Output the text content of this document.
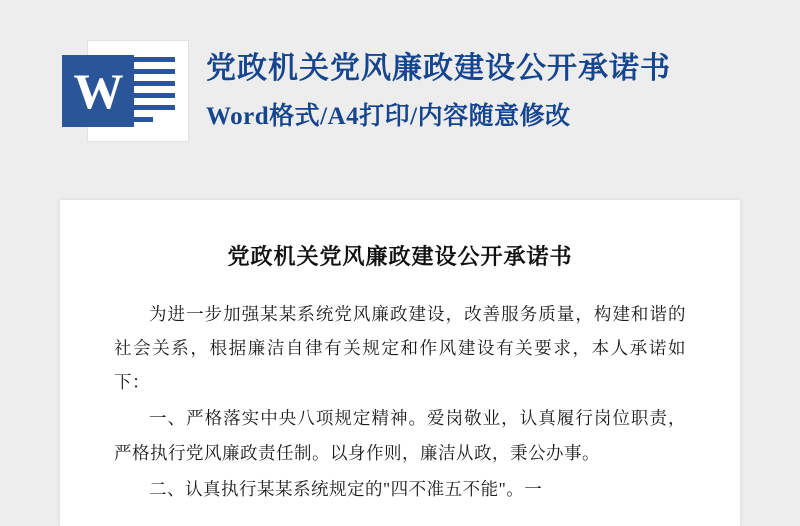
W	党政机关党风廉政建设公开承诺书
Word格式/A4打印/内容随意修改
党政机关党风廉政建设公开承诺书

为进一步加强某某系统党风廉政建设，改善服务质量，构建和谐的社会关系，根据廉洁自律有关规定和作风建设有关要求，本人承诺如下：

一、严格落实中央八项规定精神。爱岗敬业，认真履行岗位职责，严格执行党风廉政责任制。以身作则，廉洁从政，秉公办事。

二、认真执行某某系统规定的"四不准五不能"。一
